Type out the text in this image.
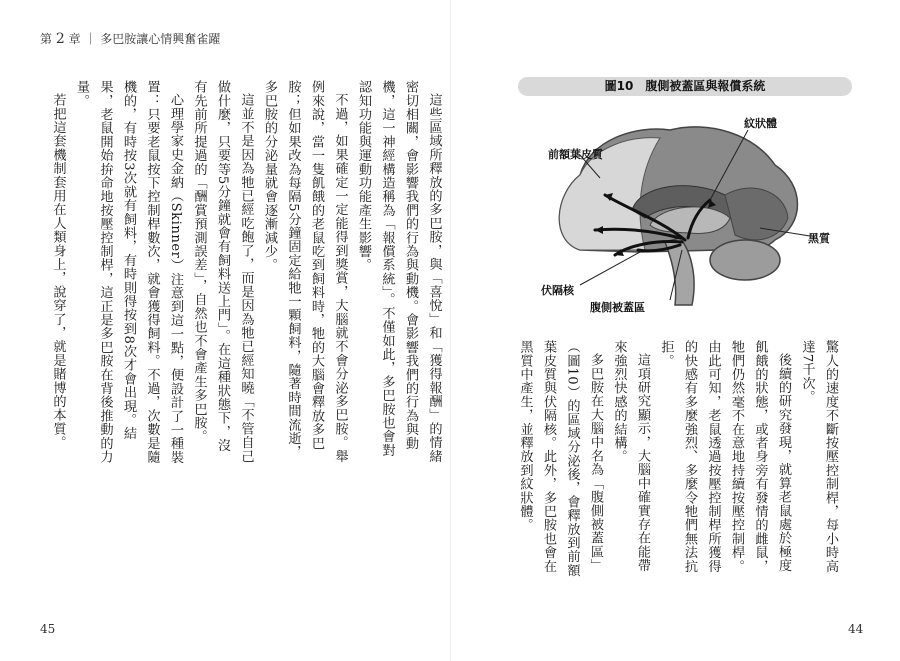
第 2 章 ｜ 多巴胺讓心情興奮雀躍

這些區域所釋放的多巴胺，與「喜悅」和「獲得報酬」的情緒密切相關，會影響我們的行為與動機。會影響我們的行為與動機，這一神經構造稱為「報償系統」。不僅如此，多巴胺也會對認知功能與運動功能產生影響。

不過，如果確定一定能得到獎賞，大腦就不會分泌多巴胺。舉例來說，當一隻飢餓的老鼠吃到飼料時，牠的大腦會釋放多巴胺；但如果改為每隔5分鐘固定給牠一顆飼料，隨著時間流逝，多巴胺的分泌量就會逐漸減少。

這並不是因為牠已經吃飽了，而是因為牠已經知曉「不管自己做什麼，只要等5分鐘就會有飼料送上門」。在這種狀態下，沒有先前所提過的「酬賞預測誤差」，自然也不會產生多巴胺。

心理學家史金納（Skinner）注意到這一點，便設計了一種裝置：只要老鼠按下控制桿數次，就會獲得飼料。不過，次數是隨機的，有時按3次就有飼料，有時則得按到8次才會出現。結果，老鼠開始拚命地按壓控制桿，這正是多巴胺在背後推動的力量。

若把這套機制套用在人類身上，說穿了，就是賭博的本質。

45
圖10　腹側被蓋區與報償系統
紋狀體
前額葉皮質
黑質
伏隔核
腹側被蓋區

驚人的速度不斷按壓控制桿，每小時高達7千次。

後續的研究發現，就算老鼠處於極度飢餓的狀態，或者身旁有發情的雌鼠，牠們仍然毫不在意地持續按壓控制桿。由此可知，老鼠透過按壓控制桿所獲得的快感有多麼強烈、多麼令牠們無法抗拒。

這項研究顯示，大腦中確實存在能帶來強烈快感的結構。

多巴胺在大腦中名為「腹側被蓋區」（圖10）的區域分泌後，會釋放到前額葉皮質與伏隔核。此外，多巴胺也會在黑質中產生，並釋放到紋狀體。

44
